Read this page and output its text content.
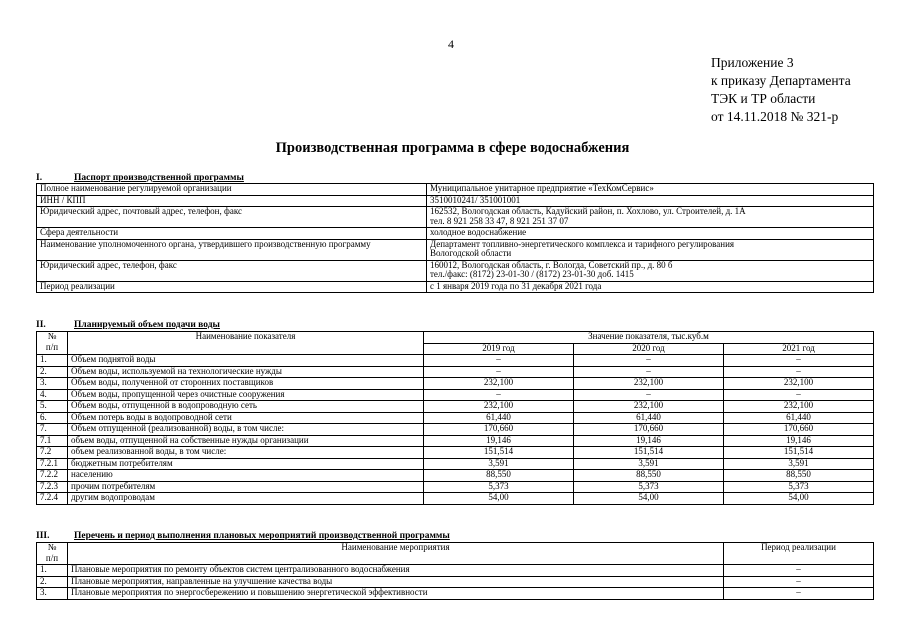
4
Приложение 3
к приказу Департамента
ТЭК и ТР области
от 14.11.2018 № 321-р
Производственная программа в сфере водоснабжения
I.	Паспорт производственной программы
Полное наименование регулируемой организации	Муниципальное унитарное предприятие «ТехКомСервис»

ИНН / КПП	3510010241/ 351001001

Юридический адрес, почтовый адрес, телефон, факс	162532, Вологодская область, Кадуйский район, п. Хохлово, ул. Строителей, д. 1А
тел. 8 921 258 33 47, 8 921 251 37 07

Сфера деятельности	холодное водоснабжение

Наименование уполномоченного органа, утвердившего производственную программу	Департамент топливно-энергетического комплекса и тарифного регулирования
Вологодской области

Юридический адрес, телефон, факс	160012, Вологодская область, г. Вологда, Советский пр., д. 80 б
тел./факс: (8172) 23-01-30 / (8172) 23-01-30 доб. 1415

Период реализации	с 1 января 2019 года по 31 декабря 2021 года
II.	Планируемый объем подачи воды
№	Наименование показателя	Значение показателя, тыс.куб.м		
п/п		2019 год	2020 год	2021 год
1.	Объем поднятой воды	–	–	–
2.	Объем воды, используемой на технологические нужды	–	–	–
3.	Объем воды, полученной от сторонних поставщиков	232,100	232,100	232,100
4.	Объем воды, пропущенной через очистные сооружения	–	–	–
5.	Объем воды, отпущенной в водопроводную сеть	232,100	232,100	232,100
6.	Объем потерь воды в водопроводной сети	61,440	61,440	61,440
7.	Объем отпущенной (реализованной) воды, в том числе:	170,660	170,660	170,660
7.1	объем воды, отпущенной на собственные нужды организации	19,146	19,146	19,146
7.2	объем реализованной воды, в том числе:	151,514	151,514	151,514
7.2.1	бюджетным потребителям	3,591	3,591	3,591
7.2.2	населению	88,550	88,550	88,550
7.2.3	прочим потребителям	5,373	5,373	5,373
7.2.4	другим водопроводам	54,00	54,00	54,00
III.	Перечень и период выполнения плановых мероприятий производственной программы
№	Наименование мероприятия	Период реализации
п/п		
1.	Плановые мероприятия по ремонту объектов систем централизованного водоснабжения	–
2.	Плановые мероприятия, направленные на улучшение качества воды	–
3.	Плановые мероприятия по энергосбережению и повышению энергетической эффективности	–
